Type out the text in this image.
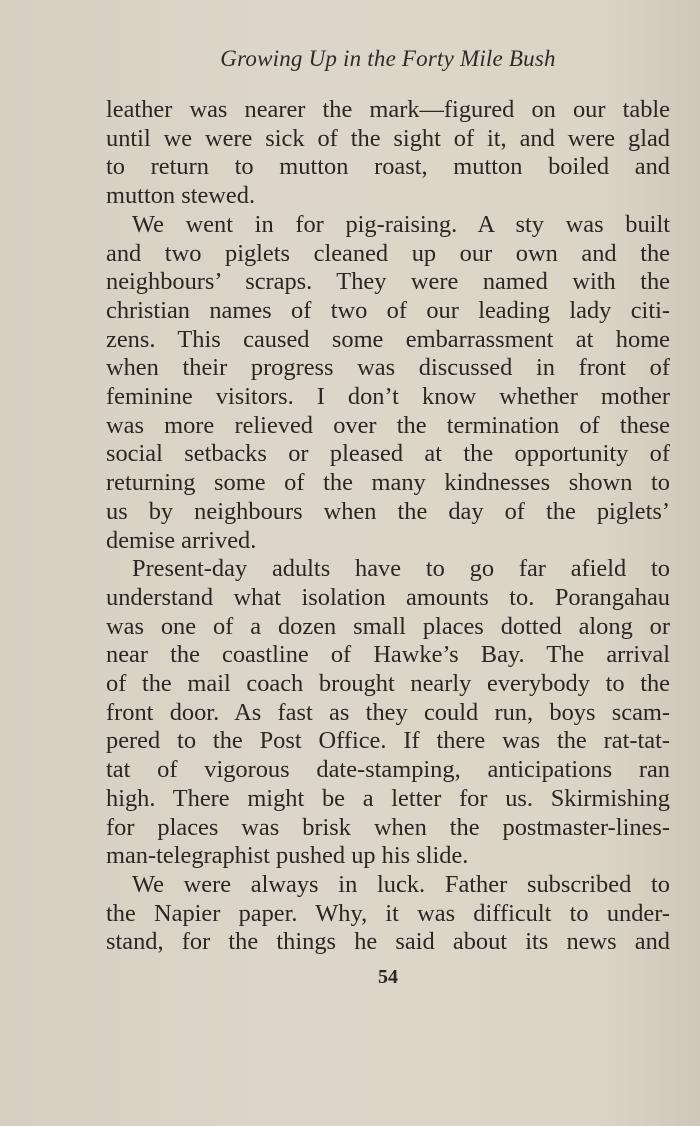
Growing Up in the Forty Mile Bush

leather was nearer the mark—figured on our table
until we were sick of the sight of it, and were glad
to return to mutton roast, mutton boiled and
mutton stewed.

We went in for pig-raising. A sty was built
and two piglets cleaned up our own and the
neighbours’ scraps. They were named with the
christian names of two of our leading lady citi-
zens. This caused some embarrassment at home
when their progress was discussed in front of
feminine visitors. I don’t know whether mother
was more relieved over the termination of these
social setbacks or pleased at the opportunity of
returning some of the many kindnesses shown to
us by neighbours when the day of the piglets’
demise arrived.

Present-day adults have to go far afield to
understand what isolation amounts to. Porangahau
was one of a dozen small places dotted along or
near the coastline of Hawke’s Bay. The arrival
of the mail coach brought nearly everybody to the
front door. As fast as they could run, boys scam-
pered to the Post Office. If there was the rat-tat-
tat of vigorous date-stamping, anticipations ran
high. There might be a letter for us. Skirmishing
for places was brisk when the postmaster-lines-
man-telegraphist pushed up his slide.

We were always in luck. Father subscribed to
the Napier paper. Why, it was difficult to under-
stand, for the things he said about its news and

54
